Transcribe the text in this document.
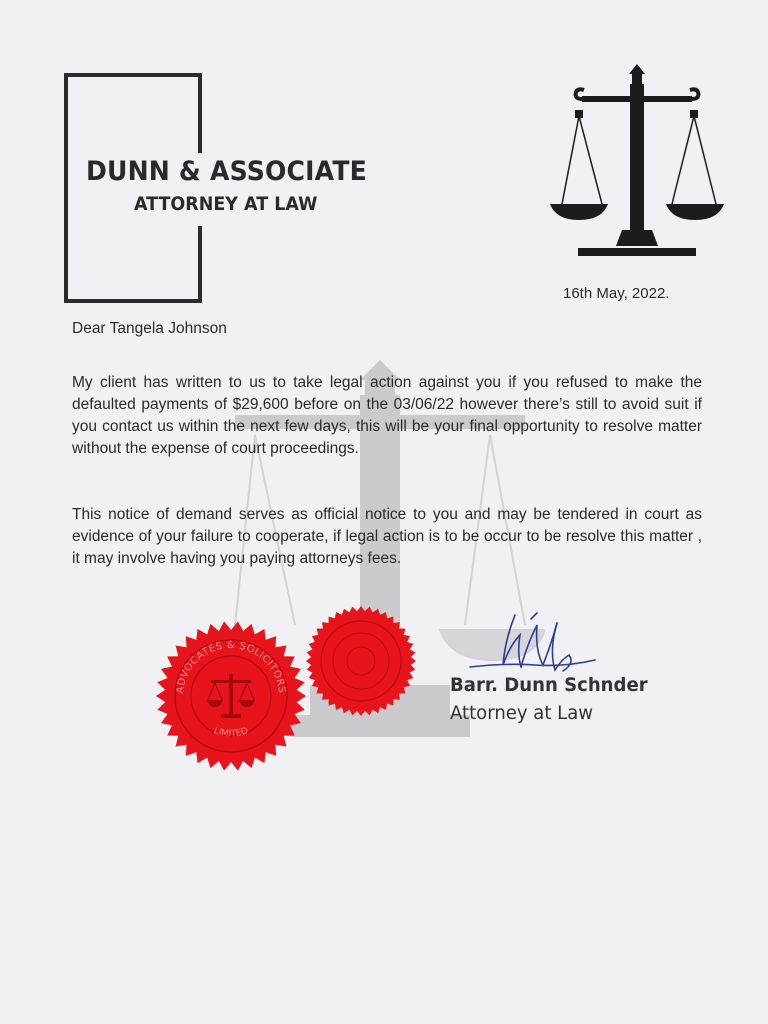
DUNN & ASSOCIATE
ATTORNEY AT LAW
16th May, 2022.
Dear Tangela Johnson
My client has written to us to take legal action against you if you refused to make the defaulted payments of $29,600 before on the 03/06/22 however there’s still to avoid suit if you contact us within the next few days, this will be your final opportunity to resolve matter without the expense of court proceedings.
This notice of demand serves as official notice to you and may be tendered in court as evidence of your failure to cooperate, if legal action is to be occur to be resolve this matter , it may involve having you paying attorneys fees.
ADVOCATES & SOLICITORS
LIMITED
Barr. Dunn Schnder
Attorney at Law
